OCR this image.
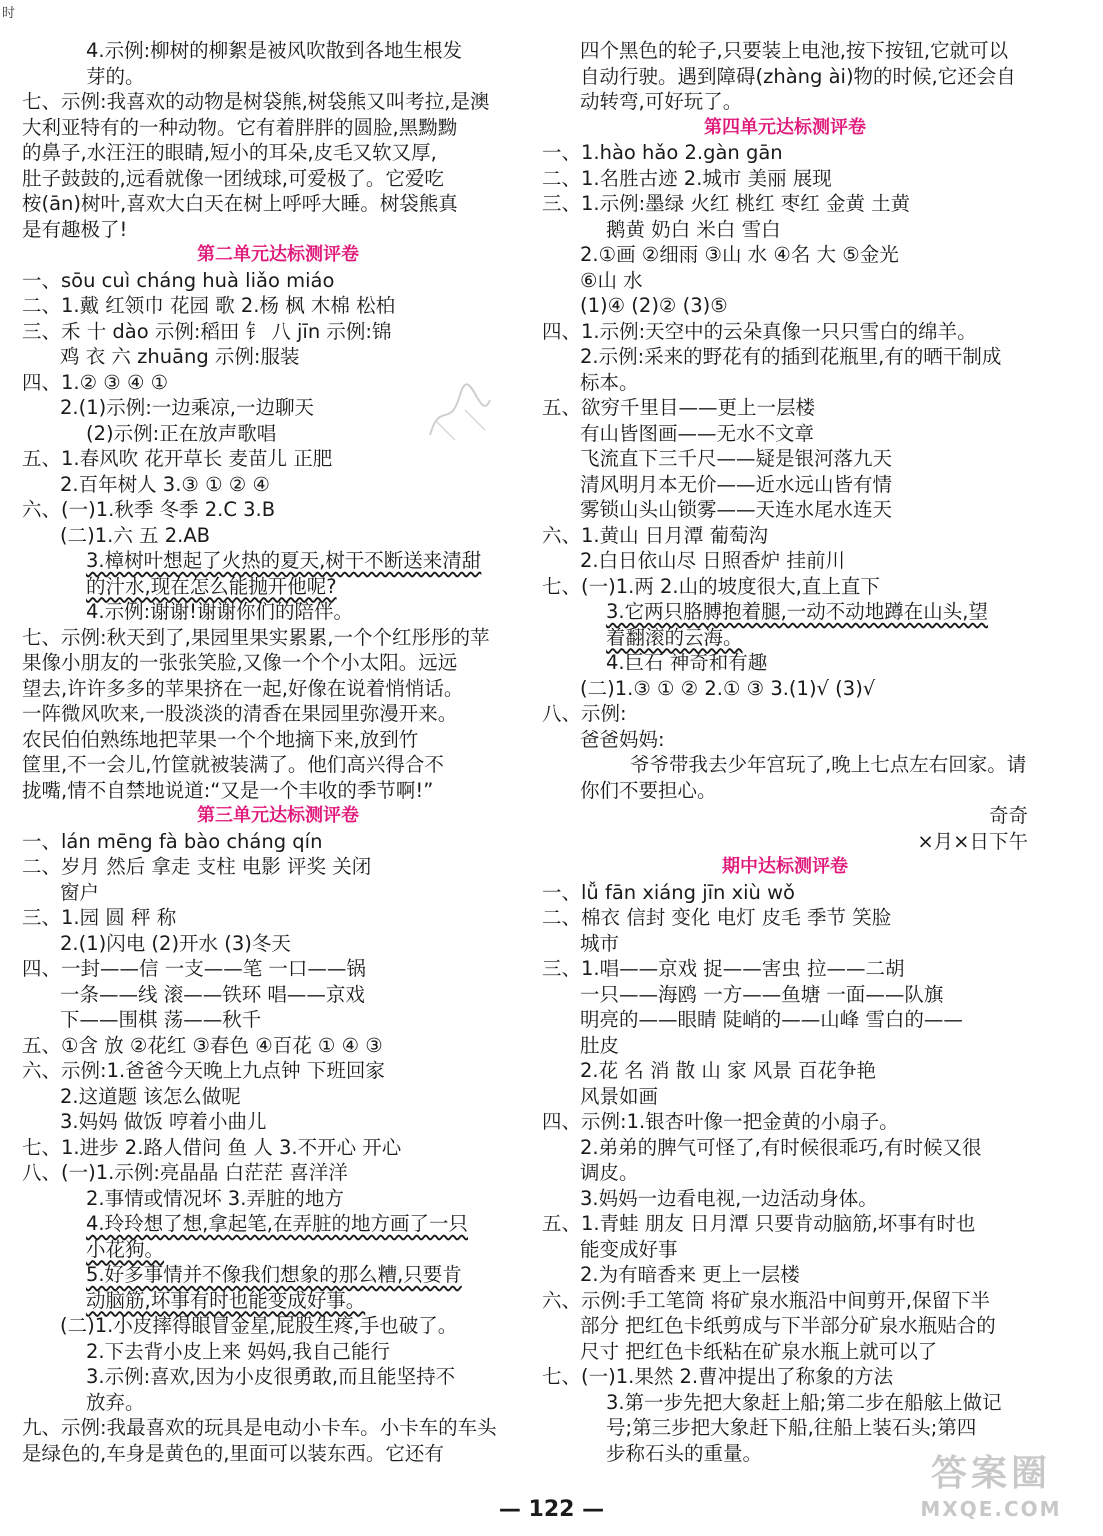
时
4.示例:柳树的柳絮是被风吹散到各地生根发
芽的。
七、示例:我喜欢的动物是树袋熊,树袋熊又叫考拉,是澳
大利亚特有的一种动物。它有着胖胖的圆脸,黑黝黝
的鼻子,水汪汪的眼睛,短小的耳朵,皮毛又软又厚,
肚子鼓鼓的,远看就像一团绒球,可爱极了。它爱吃
桉(ān)树叶,喜欢大白天在树上呼呼大睡。树袋熊真
是有趣极了!
第二单元达标测评卷
一、sōu cuì cháng huà liǎo miáo
二、1.戴 红领巾 花园 歌 2.杨 枫 木棉 松柏
三、禾 十 dào 示例:稻田 钅 八 jīn 示例:锦
鸡 衣 六 zhuāng 示例:服装
四、1.② ③ ④ ①
2.(1)示例:一边乘凉,一边聊天
(2)示例:正在放声歌唱
五、1.春风吹 花开草长 麦苗儿 正肥
2.百年树人 3.③ ① ② ④
六、(一)1.秋季 冬季 2.C 3.B
(二)1.六 五 2.AB
3.樟树叶想起了火热的夏天,树干不断送来清甜
的汁水,现在怎么能抛开他呢?
4.示例:谢谢!谢谢你们的陪伴。
七、示例:秋天到了,果园里果实累累,一个个红彤彤的苹
果像小朋友的一张张笑脸,又像一个个小太阳。远远
望去,许许多多的苹果挤在一起,好像在说着悄悄话。
一阵微风吹来,一股淡淡的清香在果园里弥漫开来。
农民伯伯熟练地把苹果一个个地摘下来,放到竹
筐里,不一会儿,竹筐就被装满了。他们高兴得合不
拢嘴,情不自禁地说道:“又是一个丰收的季节啊!”
第三单元达标测评卷
一、lán mēng fà bào cháng qín
二、岁月 然后 拿走 支柱 电影 评奖 关闭
窗户
三、1.园 圆 秤 称
2.(1)闪电 (2)开水 (3)冬天
四、一封——信 一支——笔 一口——锅
一条——线 滚——铁环 唱——京戏
下——围棋 荡——秋千
五、①含 放 ②花红 ③春色 ④百花 ① ④ ③
六、示例:1.爸爸今天晚上九点钟 下班回家
2.这道题 该怎么做呢
3.妈妈 做饭 哼着小曲儿
七、1.进步 2.路人借问 鱼 人 3.不开心 开心
八、(一)1.示例:亮晶晶 白茫茫 喜洋洋
2.事情或情况坏 3.弄脏的地方
4.玲玲想了想,拿起笔,在弄脏的地方画了一只
小花狗。
5.好多事情并不像我们想象的那么糟,只要肯
动脑筋,坏事有时也能变成好事。
(二)1.小皮摔得眼冒金星,屁股生疼,手也破了。
2.下去背小皮上来 妈妈,我自己能行
3.示例:喜欢,因为小皮很勇敢,而且能坚持不
放弃。
九、示例:我最喜欢的玩具是电动小卡车。小卡车的车头
是绿色的,车身是黄色的,里面可以装东西。它还有
四个黑色的轮子,只要装上电池,按下按钮,它就可以
自动行驶。遇到障碍(zhàng ài)物的时候,它还会自
动转弯,可好玩了。
第四单元达标测评卷
一、1.hào hǎo 2.gàn gān
二、1.名胜古迹 2.城市 美丽 展现
三、1.示例:墨绿 火红 桃红 枣红 金黄 土黄
鹅黄 奶白 米白 雪白
2.①画 ②细雨 ③山 水 ④名 大 ⑤金光
⑥山 水
(1)④ (2)② (3)⑤
四、1.示例:天空中的云朵真像一只只雪白的绵羊。
2.示例:采来的野花有的插到花瓶里,有的晒干制成
标本。
五、欲穷千里目——更上一层楼
有山皆图画——无水不文章
飞流直下三千尺——疑是银河落九天
清风明月本无价——近水远山皆有情
雾锁山头山锁雾——天连水尾水连天
六、1.黄山 日月潭 葡萄沟
2.白日依山尽 日照香炉 挂前川
七、(一)1.两 2.山的坡度很大,直上直下
3.它两只胳膊抱着腿,一动不动地蹲在山头,望
着翻滚的云海。
4.巨石 神奇和有趣
(二)1.③ ① ② 2.① ③ 3.(1)√ (3)√
八、示例:
爸爸妈妈:
爷爷带我去少年宫玩了,晚上七点左右回家。请
你们不要担心。
奇奇
×月×日下午
期中达标测评卷
一、lǚ fān xiáng jīn xiù wǒ
二、棉衣 信封 变化 电灯 皮毛 季节 笑脸
城市
三、1.唱——京戏 捉——害虫 拉——二胡
一只——海鸥 一方——鱼塘 一面——队旗
明亮的——眼睛 陡峭的——山峰 雪白的——
肚皮
2.花 名 消 散 山 家 风景 百花争艳
风景如画
四、示例:1.银杏叶像一把金黄的小扇子。
2.弟弟的脾气可怪了,有时候很乖巧,有时候又很
调皮。
3.妈妈一边看电视,一边活动身体。
五、1.青蛙 朋友 日月潭 只要肯动脑筋,坏事有时也
能变成好事
2.为有暗香来 更上一层楼
六、示例:手工笔筒 将矿泉水瓶沿中间剪开,保留下半
部分 把红色卡纸剪成与下半部分矿泉水瓶贴合的
尺寸 把红色卡纸粘在矿泉水瓶上就可以了
七、(一)1.果然 2.曹冲提出了称象的方法
3.第一步先把大象赶上船;第二步在船舷上做记
号;第三步把大象赶下船,往船上装石头;第四
步称石头的重量。
— 122 —
答案圈
MXQE.COM
